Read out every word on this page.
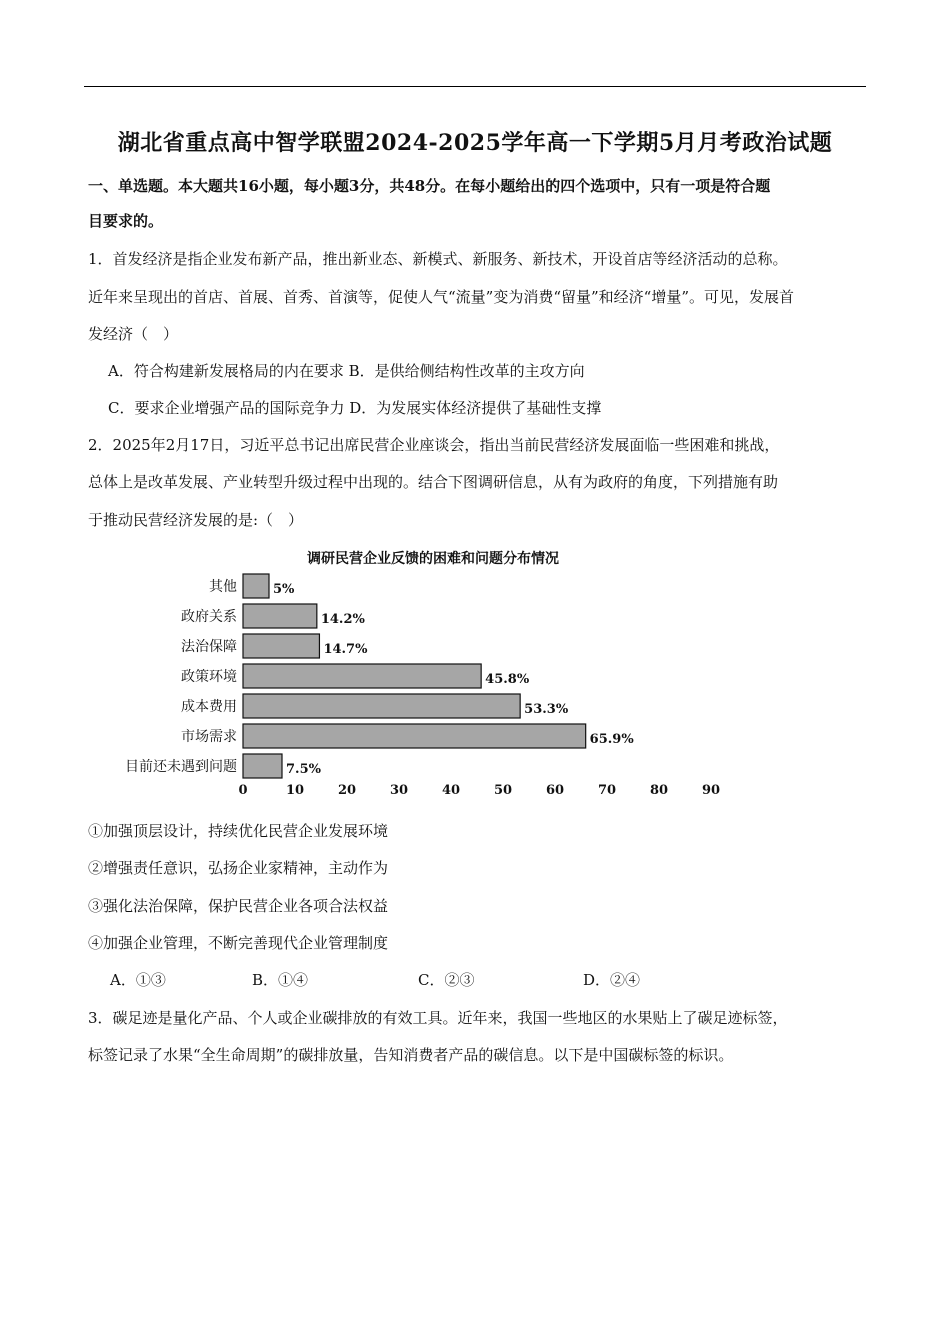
湖北省重点高中智学联盟2024-2025学年高一下学期5月月考政治试题
一、单选题。本大题共16小题，每小题3分，共48分。在每小题给出的四个选项中，只有一项是符合题
目要求的。
1．首发经济是指企业发布新产品，推出新业态、新模式、新服务、新技术，开设首店等经济活动的总称。
近年来呈现出的首店、首展、首秀、首演等，促使人气“流量”变为消费“留量”和经济“增量”。可见，发展首
发经济（　）
A．符合构建新发展格局的内在要求 B．是供给侧结构性改革的主攻方向
C．要求企业增强产品的国际竞争力 D．为发展实体经济提供了基础性支撑
2．2025年2月17日，习近平总书记出席民营企业座谈会，指出当前民营经济发展面临一些困难和挑战，
总体上是改革发展、产业转型升级过程中出现的。结合下图调研信息，从有为政府的角度，下列措施有助
于推动民营经济发展的是:（　）
调研民营企业反馈的困难和问题分布情况
其他	5%
政府关系	14.2%
法治保障	14.7%
政策环境	45.8%
成本费用	53.3%
市场需求	65.9%
目前还未遇到问题	7.5%
0	10	20	30	40	50	60	70	80	90
①加强顶层设计，持续优化民营企业发展环境
②增强责任意识，弘扬企业家精神，主动作为
③强化法治保障，保护民营企业各项合法权益
④加强企业管理，不断完善现代企业管理制度
A．①③	B．①④	C．②③	D．②④
3．碳足迹是量化产品、个人或企业碳排放的有效工具。近年来，我国一些地区的水果贴上了碳足迹标签，
标签记录了水果“全生命周期”的碳排放量，告知消费者产品的碳信息。以下是中国碳标签的标识。
